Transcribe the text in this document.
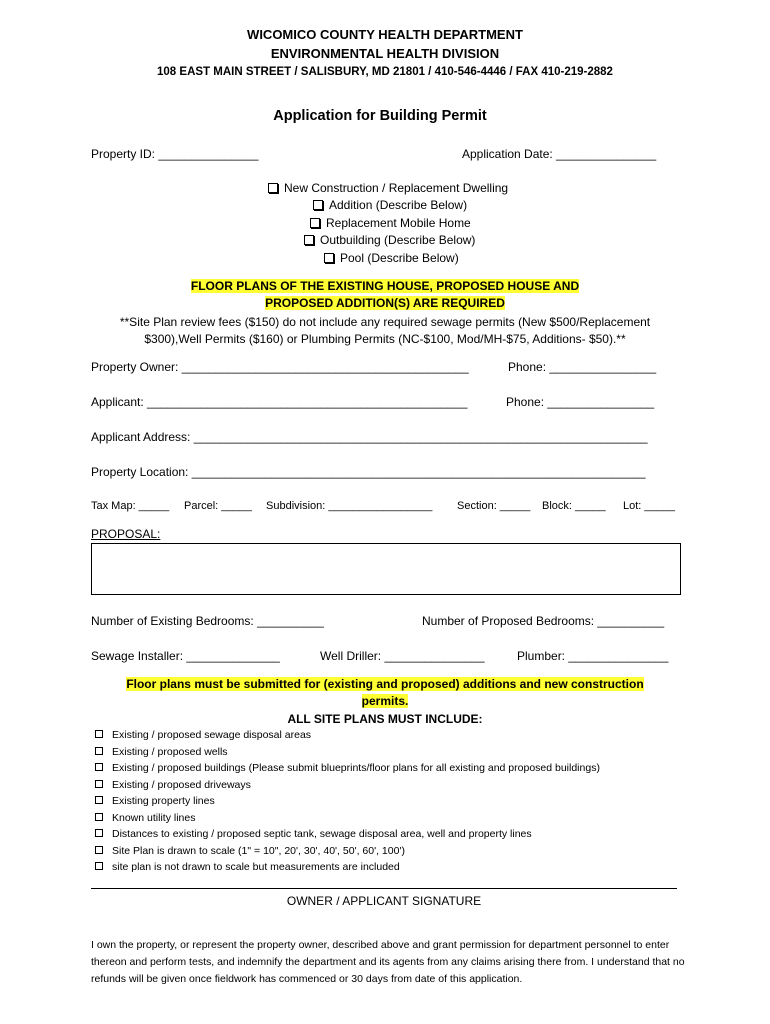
WICOMICO COUNTY HEALTH DEPARTMENT
ENVIRONMENTAL HEALTH DIVISION
108 EAST MAIN STREET / SALISBURY, MD 21801 / 410-546-4446 / FAX 410-219-2882
Application for Building Permit
Property ID: _______________	Application Date: _______________
New Construction / Replacement Dwelling
Addition (Describe Below)
Replacement Mobile Home
Outbuilding (Describe Below)
Pool (Describe Below)
FLOOR PLANS OF THE EXISTING HOUSE, PROPOSED HOUSE AND
PROPOSED ADDITION(S) ARE REQUIRED
**Site Plan review fees ($150) do not include any required sewage permits (New $500/Replacement
$300),Well Permits ($160) or Plumbing Permits (NC-$100, Mod/MH-$75, Additions- $50).**
Property Owner: ___________________________________________	Phone: ________________
Applicant: ________________________________________________	Phone: ________________
Applicant Address: ____________________________________________________________________
Property Location: ____________________________________________________________________
Tax Map: _____ Parcel: _____ Subdivision: _________________ Section: _____ Block: _____ Lot: _____
PROPOSAL:
Number of Existing Bedrooms: __________	Number of Proposed Bedrooms: __________
Sewage Installer: ______________	Well Driller: _______________	Plumber: _______________
Floor plans must be submitted for (existing and proposed) additions and new construction
permits.
ALL SITE PLANS MUST INCLUDE:
Existing / proposed sewage disposal areas
Existing / proposed wells
Existing / proposed buildings (Please submit blueprints/floor plans for all existing and proposed buildings)
Existing / proposed driveways
Existing property lines
Known utility lines
Distances to existing / proposed septic tank, sewage disposal area, well and property lines
Site Plan is drawn to scale (1" = 10", 20', 30', 40', 50', 60', 100')
site plan is not drawn to scale but measurements are included
OWNER / APPLICANT SIGNATURE
I own the property, or represent the property owner, described above and grant permission for department personnel to enter thereon and perform tests, and indemnify the department and its agents from any claims arising there from. I understand that no refunds will be given once fieldwork has commenced or 30 days from date of this application.
